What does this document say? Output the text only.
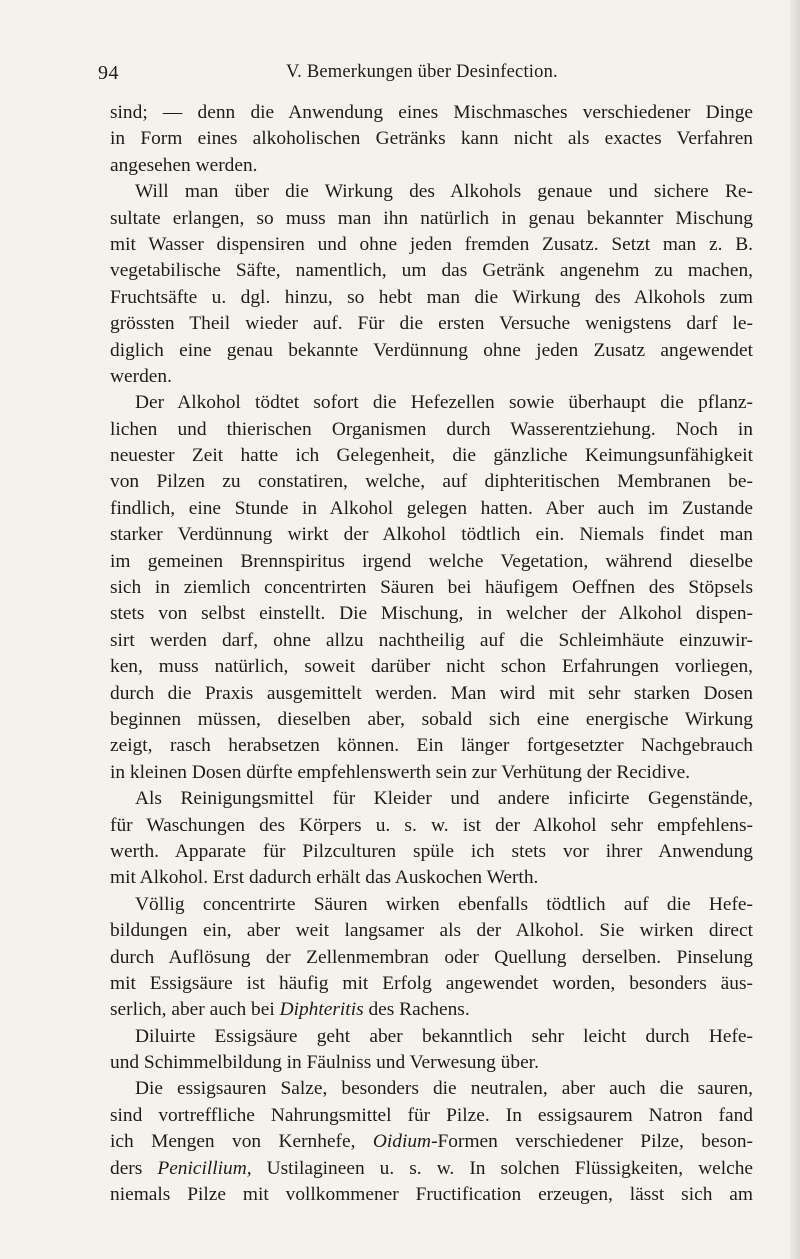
94	V. Bemerkungen über Desinfection.
sind; — denn die Anwendung eines Mischmasches verschiedener Dinge
in Form eines alkoholischen Getränks kann nicht als exactes Verfahren
angesehen werden.
Will man über die Wirkung des Alkohols genaue und sichere Re-
sultate erlangen, so muss man ihn natürlich in genau bekannter Mischung
mit Wasser dispensiren und ohne jeden fremden Zusatz. Setzt man z. B.
vegetabilische Säfte, namentlich, um das Getränk angenehm zu machen,
Fruchtsäfte u. dgl. hinzu, so hebt man die Wirkung des Alkohols zum
grössten Theil wieder auf. Für die ersten Versuche wenigstens darf le-
diglich eine genau bekannte Verdünnung ohne jeden Zusatz angewendet
werden.
Der Alkohol tödtet sofort die Hefezellen sowie überhaupt die pflanz-
lichen und thierischen Organismen durch Wasserentziehung. Noch in
neuester Zeit hatte ich Gelegenheit, die gänzliche Keimungsunfähigkeit
von Pilzen zu constatiren, welche, auf diphteritischen Membranen be-
findlich, eine Stunde in Alkohol gelegen hatten. Aber auch im Zustande
starker Verdünnung wirkt der Alkohol tödtlich ein. Niemals findet man
im gemeinen Brennspiritus irgend welche Vegetation, während dieselbe
sich in ziemlich concentrirten Säuren bei häufigem Oeffnen des Stöpsels
stets von selbst einstellt. Die Mischung, in welcher der Alkohol dispen-
sirt werden darf, ohne allzu nachtheilig auf die Schleimhäute einzuwir-
ken, muss natürlich, soweit darüber nicht schon Erfahrungen vorliegen,
durch die Praxis ausgemittelt werden. Man wird mit sehr starken Dosen
beginnen müssen, dieselben aber, sobald sich eine energische Wirkung
zeigt, rasch herabsetzen können. Ein länger fortgesetzter Nachgebrauch
in kleinen Dosen dürfte empfehlenswerth sein zur Verhütung der Recidive.
Als Reinigungsmittel für Kleider und andere inficirte Gegenstände,
für Waschungen des Körpers u. s. w. ist der Alkohol sehr empfehlens-
werth. Apparate für Pilzculturen spüle ich stets vor ihrer Anwendung
mit Alkohol. Erst dadurch erhält das Auskochen Werth.
Völlig concentrirte Säuren wirken ebenfalls tödtlich auf die Hefe-
bildungen ein, aber weit langsamer als der Alkohol. Sie wirken direct
durch Auflösung der Zellenmembran oder Quellung derselben. Pinselung
mit Essigsäure ist häufig mit Erfolg angewendet worden, besonders äus-
serlich, aber auch bei Diphteritis des Rachens.
Diluirte Essigsäure geht aber bekanntlich sehr leicht durch Hefe-
und Schimmelbildung in Fäulniss und Verwesung über.
Die essigsauren Salze, besonders die neutralen, aber auch die sauren,
sind vortreffliche Nahrungsmittel für Pilze. In essigsaurem Natron fand
ich Mengen von Kernhefe, Oidium-Formen verschiedener Pilze, beson-
ders Penicillium, Ustilagineen u. s. w. In solchen Flüssigkeiten, welche
niemals Pilze mit vollkommener Fructification erzeugen, lässt sich am
